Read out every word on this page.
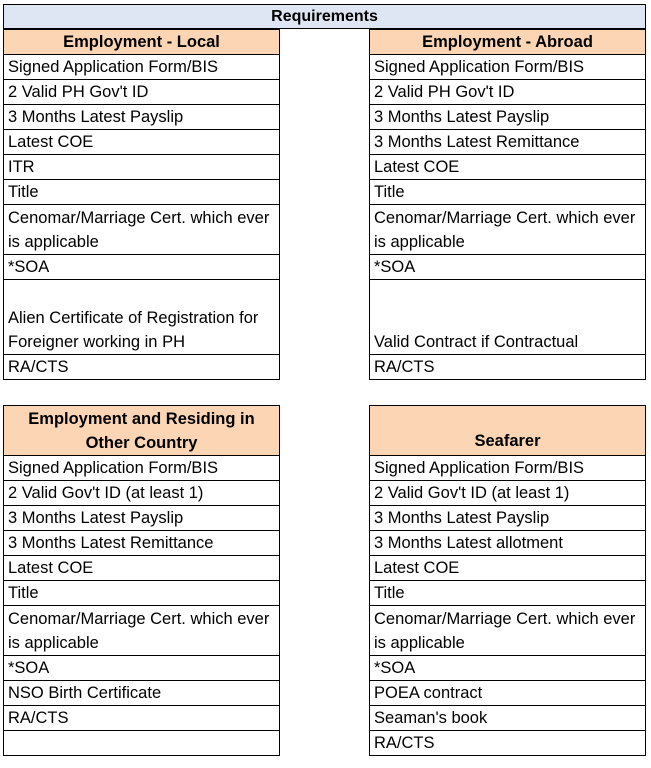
Requirements
Employment - Local
Signed Application Form/BIS
2 Valid PH Gov't ID
3 Months Latest Payslip
Latest COE
ITR
Title
Cenomar/Marriage Cert. which ever is applicable
*SOA
Alien Certificate of Registration for Foreigner working in PH
RA/CTS
Employment - Abroad
Signed Application Form/BIS
2 Valid PH Gov't ID
3 Months Latest Payslip
3 Months Latest Remittance
Latest COE
Title
Cenomar/Marriage Cert. which ever is applicable
*SOA
Valid Contract if Contractual
RA/CTS
Employment and Residing in Other Country
Signed Application Form/BIS
2 Valid Gov't ID (at least 1)
3 Months Latest Payslip
3 Months Latest Remittance
Latest COE
Title
Cenomar/Marriage Cert. which ever is applicable
*SOA
NSO Birth Certificate
RA/CTS

Seafarer
Signed Application Form/BIS
2 Valid Gov't ID (at least 1)
3 Months Latest Payslip
3 Months Latest allotment
Latest COE
Title
Cenomar/Marriage Cert. which ever is applicable
*SOA
POEA contract
Seaman's book
RA/CTS
